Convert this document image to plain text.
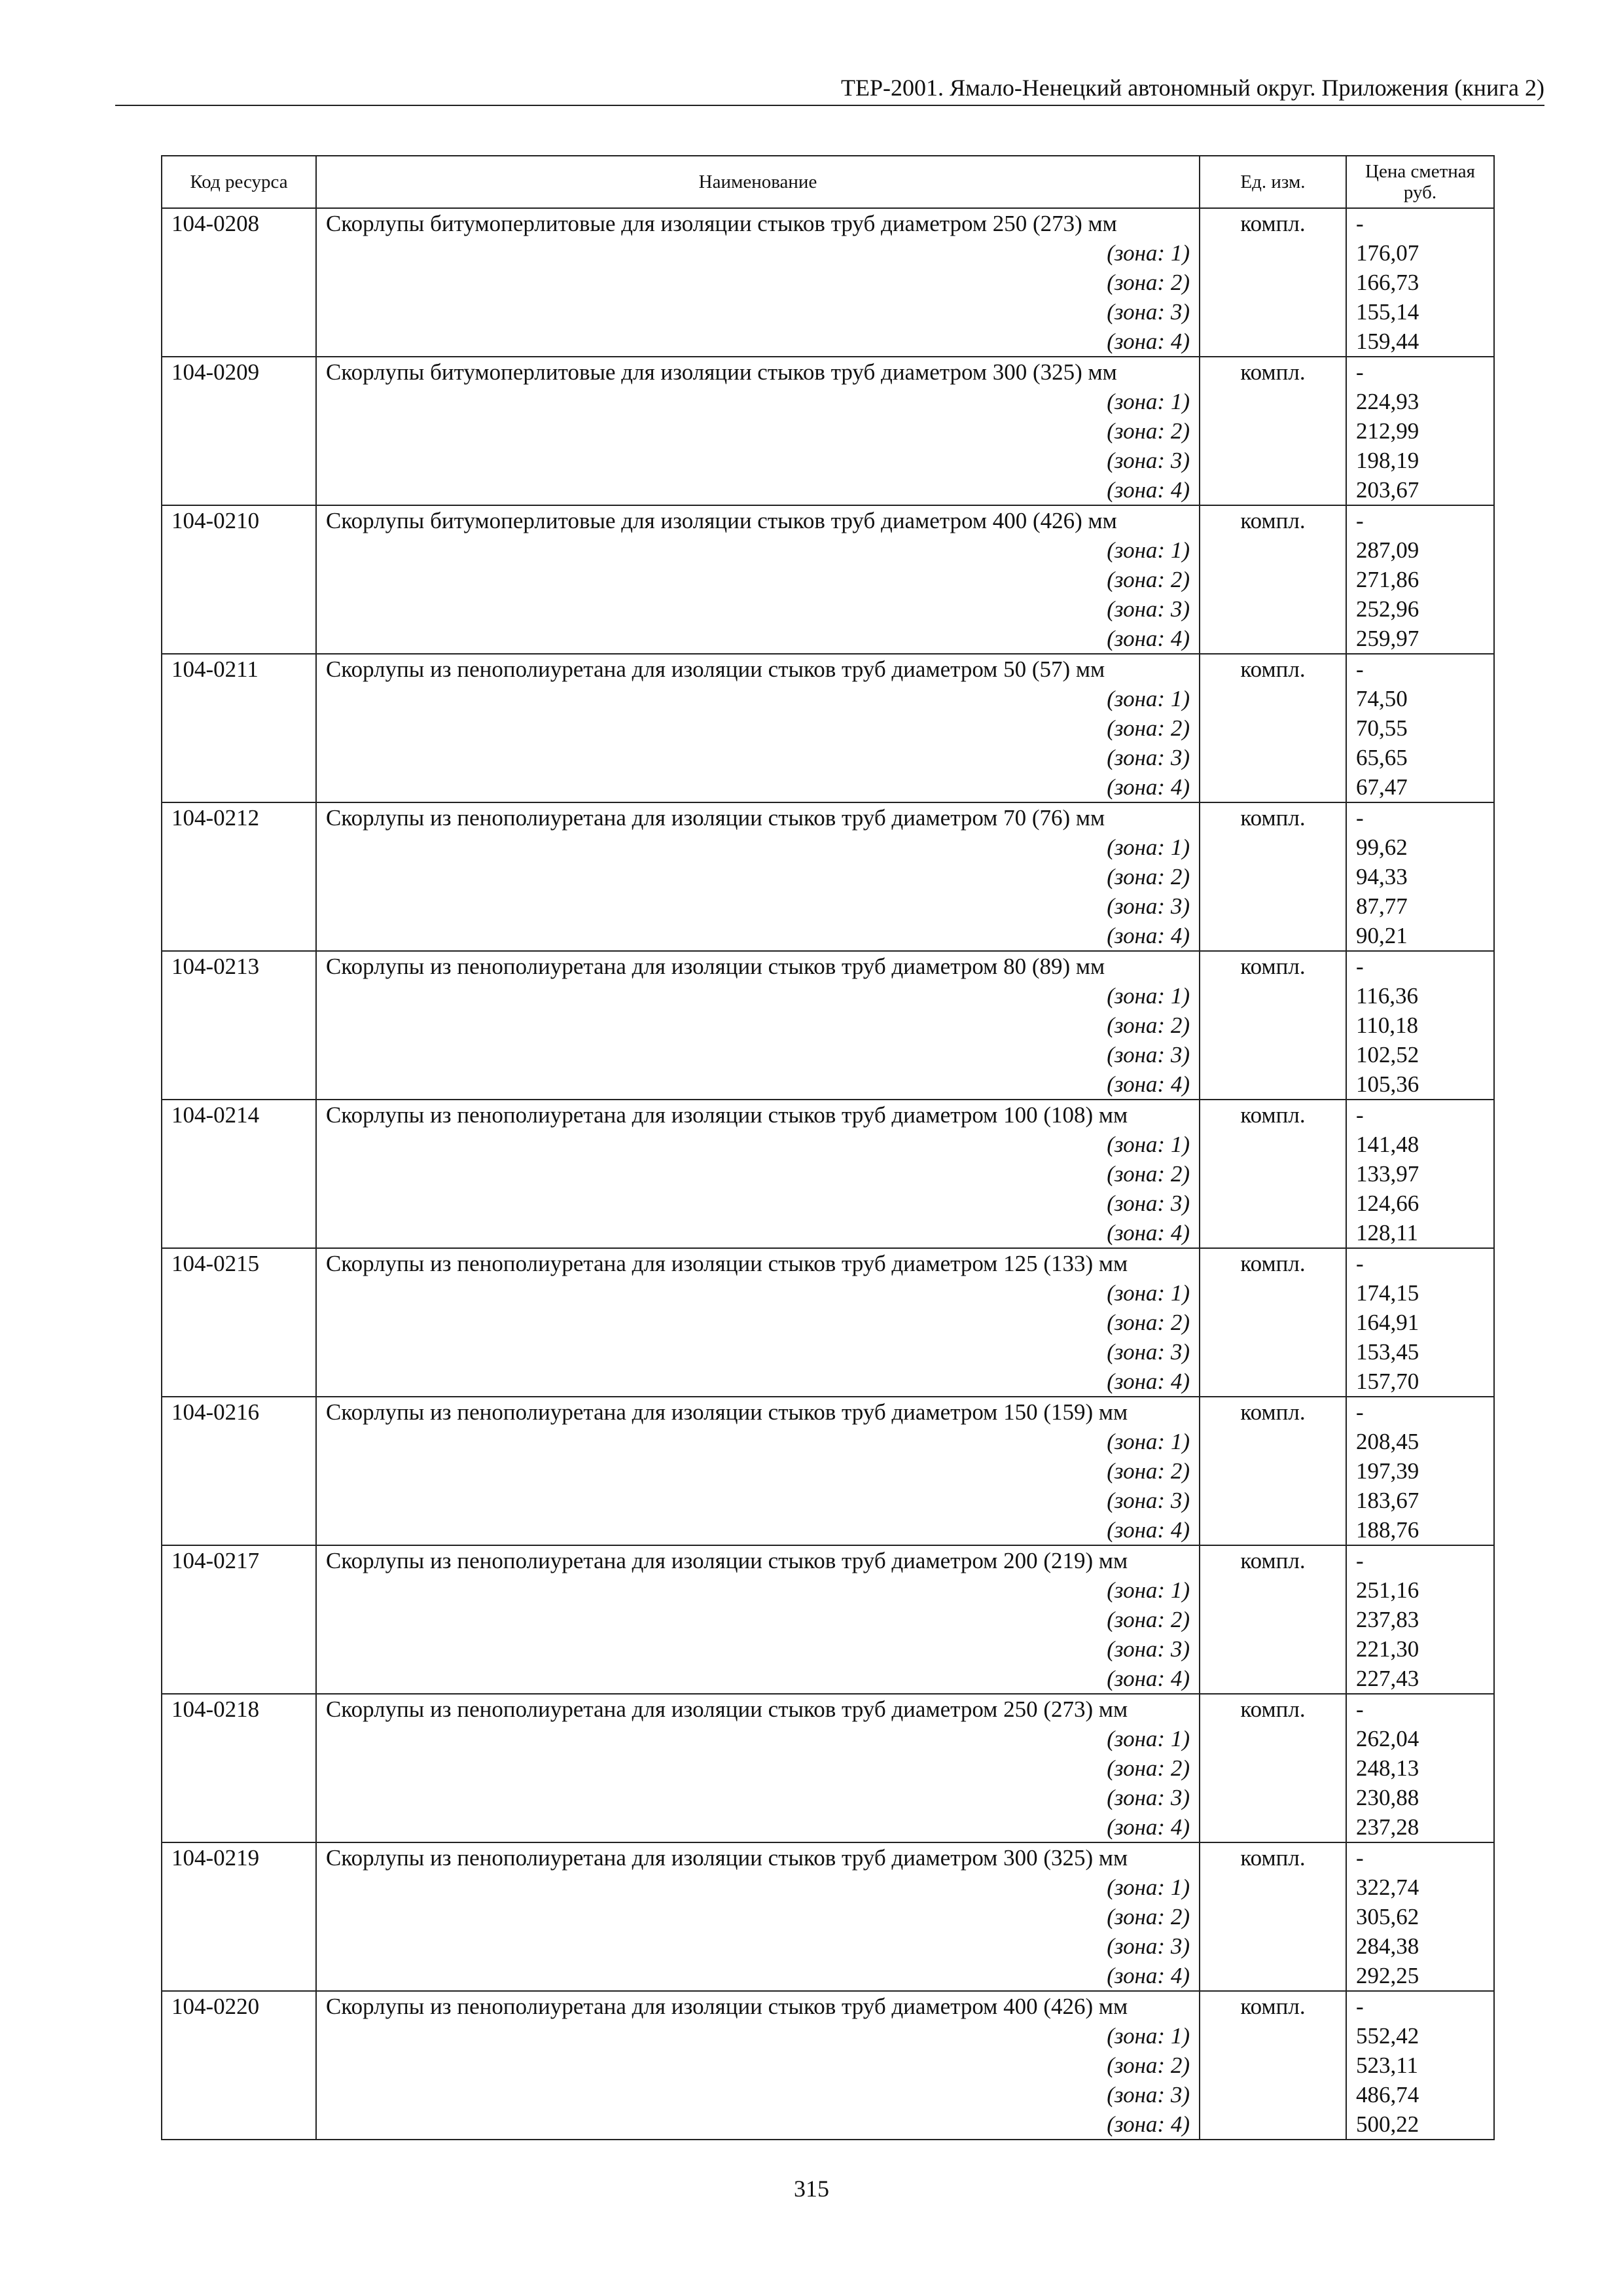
ТЕР-2001. Ямало-Ненецкий автономный округ. Приложения (книга 2)
Код ресурса	Наименование	Ед. изм.	Цена сметная руб.
104-0208	Скорлупы битумоперлитовые для изоляции стыков труб диаметром 250 (273) мм	компл.	-
	(зона: 1)		176,07
	(зона: 2)		166,73
	(зона: 3)		155,14
	(зона: 4)		159,44
104-0209	Скорлупы битумоперлитовые для изоляции стыков труб диаметром 300 (325) мм	компл.	-
	(зона: 1)		224,93
	(зона: 2)		212,99
	(зона: 3)		198,19
	(зона: 4)		203,67
104-0210	Скорлупы битумоперлитовые для изоляции стыков труб диаметром 400 (426) мм	компл.	-
	(зона: 1)		287,09
	(зона: 2)		271,86
	(зона: 3)		252,96
	(зона: 4)		259,97
104-0211	Скорлупы из пенополиуретана для изоляции стыков труб диаметром 50 (57) мм	компл.	-
	(зона: 1)		74,50
	(зона: 2)		70,55
	(зона: 3)		65,65
	(зона: 4)		67,47
104-0212	Скорлупы из пенополиуретана для изоляции стыков труб диаметром 70 (76) мм	компл.	-
	(зона: 1)		99,62
	(зона: 2)		94,33
	(зона: 3)		87,77
	(зона: 4)		90,21
104-0213	Скорлупы из пенополиуретана для изоляции стыков труб диаметром 80 (89) мм	компл.	-
	(зона: 1)		116,36
	(зона: 2)		110,18
	(зона: 3)		102,52
	(зона: 4)		105,36
104-0214	Скорлупы из пенополиуретана для изоляции стыков труб диаметром 100 (108) мм	компл.	-
	(зона: 1)		141,48
	(зона: 2)		133,97
	(зона: 3)		124,66
	(зона: 4)		128,11
104-0215	Скорлупы из пенополиуретана для изоляции стыков труб диаметром 125 (133) мм	компл.	-
	(зона: 1)		174,15
	(зона: 2)		164,91
	(зона: 3)		153,45
	(зона: 4)		157,70
104-0216	Скорлупы из пенополиуретана для изоляции стыков труб диаметром 150 (159) мм	компл.	-
	(зона: 1)		208,45
	(зона: 2)		197,39
	(зона: 3)		183,67
	(зона: 4)		188,76
104-0217	Скорлупы из пенополиуретана для изоляции стыков труб диаметром 200 (219) мм	компл.	-
	(зона: 1)		251,16
	(зона: 2)		237,83
	(зона: 3)		221,30
	(зона: 4)		227,43
104-0218	Скорлупы из пенополиуретана для изоляции стыков труб диаметром 250 (273) мм	компл.	-
	(зона: 1)		262,04
	(зона: 2)		248,13
	(зона: 3)		230,88
	(зона: 4)		237,28
104-0219	Скорлупы из пенополиуретана для изоляции стыков труб диаметром 300 (325) мм	компл.	-
	(зона: 1)		322,74
	(зона: 2)		305,62
	(зона: 3)		284,38
	(зона: 4)		292,25
104-0220	Скорлупы из пенополиуретана для изоляции стыков труб диаметром 400 (426) мм	компл.	-
	(зона: 1)		552,42
	(зона: 2)		523,11
	(зона: 3)		486,74
	(зона: 4)		500,22
315
